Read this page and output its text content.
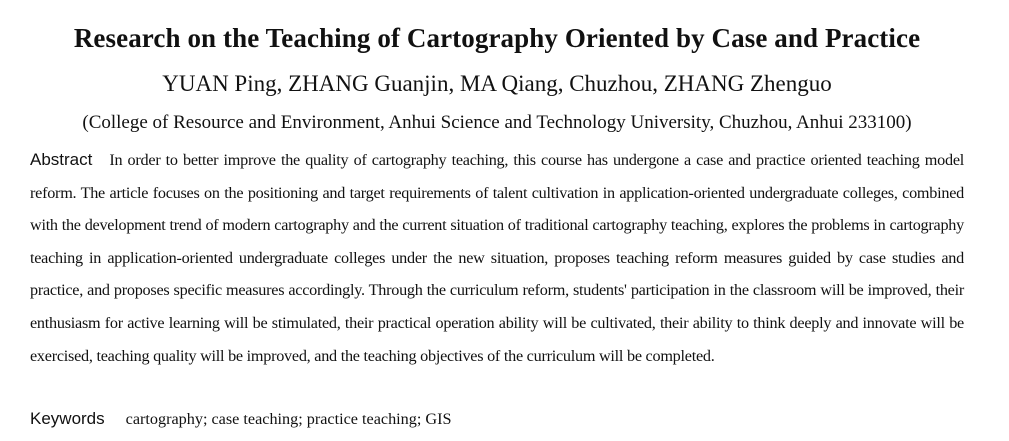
Research on the Teaching of Cartography Oriented by Case and Practice
YUAN Ping, ZHANG Guanjin, MA Qiang, Chuzhou, ZHANG Zhenguo
(College of Resource and Environment, Anhui Science and Technology University, Chuzhou, Anhui 233100)
Abstract In order to better improve the quality of cartography teaching, this course has undergone a case and practice oriented teaching model reform. The article focuses on the positioning and target requirements of talent cultivation in application-oriented undergraduate colleges, combined with the development trend of modern cartography and the current situation of traditional cartography teaching, explores the problems in cartography teaching in application-oriented undergraduate colleges under the new situation, proposes teaching reform measures guided by case studies and practice, and proposes specific measures accordingly. Through the curriculum reform, students' participation in the classroom will be improved, their enthusiasm for active learning will be stimulated, their practical operation ability will be cultivated, their ability to think deeply and innovate will be exercised, teaching quality will be improved, and the teaching objectives of the curriculum will be completed.
Keywords cartography; case teaching; practice teaching; GIS
